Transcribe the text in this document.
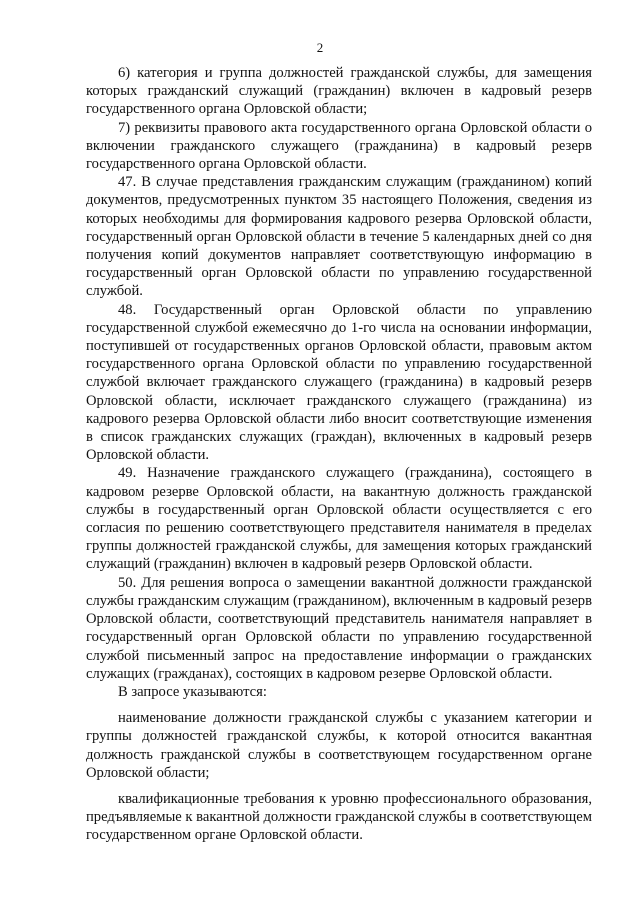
2

6) категория и группа должностей гражданской службы, для замещения которых гражданский служащий (гражданин) включен в кадровый резерв государственного органа Орловской области;

7) реквизиты правового акта государственного органа Орловской области о включении гражданского служащего (гражданина) в кадровый резерв государственного органа Орловской области.

47. В случае представления гражданским служащим (гражданином) копий документов, предусмотренных пунктом 35 настоящего Положения, сведения из которых необходимы для формирования кадрового резерва Орловской области, государственный орган Орловской области в течение 5 календарных дней со дня получения копий документов направляет соответствующую информацию в государственный орган Орловской области по управлению государственной службой.

48. Государственный орган Орловской области по управлению государственной службой ежемесячно до 1-го числа на основании информации, поступившей от государственных органов Орловской области, правовым актом государственного органа Орловской области по управлению государственной службой включает гражданского служащего (гражданина) в кадровый резерв Орловской области, исключает гражданского служащего (гражданина) из кадрового резерва Орловской области либо вносит соответствующие изменения в список гражданских служащих (граждан), включенных в кадровый резерв Орловской области.

49. Назначение гражданского служащего (гражданина), состоящего в кадровом резерве Орловской области, на вакантную должность гражданской службы в государственный орган Орловской области осуществляется с его согласия по решению соответствующего представителя нанимателя в пределах группы должностей гражданской службы, для замещения которых гражданский служащий (гражданин) включен в кадровый резерв Орловской области.

50. Для решения вопроса о замещении вакантной должности гражданской службы гражданским служащим (гражданином), включенным в кадровый резерв Орловской области, соответствующий представитель нанимателя направляет в государственный орган Орловской области по управлению государственной службой письменный запрос на предоставление информации о гражданских служащих (гражданах), состоящих в кадровом резерве Орловской области.

В запросе указываются:

наименование должности гражданской службы с указанием категории и группы должностей гражданской службы, к которой относится вакантная должность гражданской службы в соответствующем государственном органе Орловской области;

квалификационные требования к уровню профессионального образования, предъявляемые к вакантной должности гражданской службы в соответствующем государственном органе Орловской области.
